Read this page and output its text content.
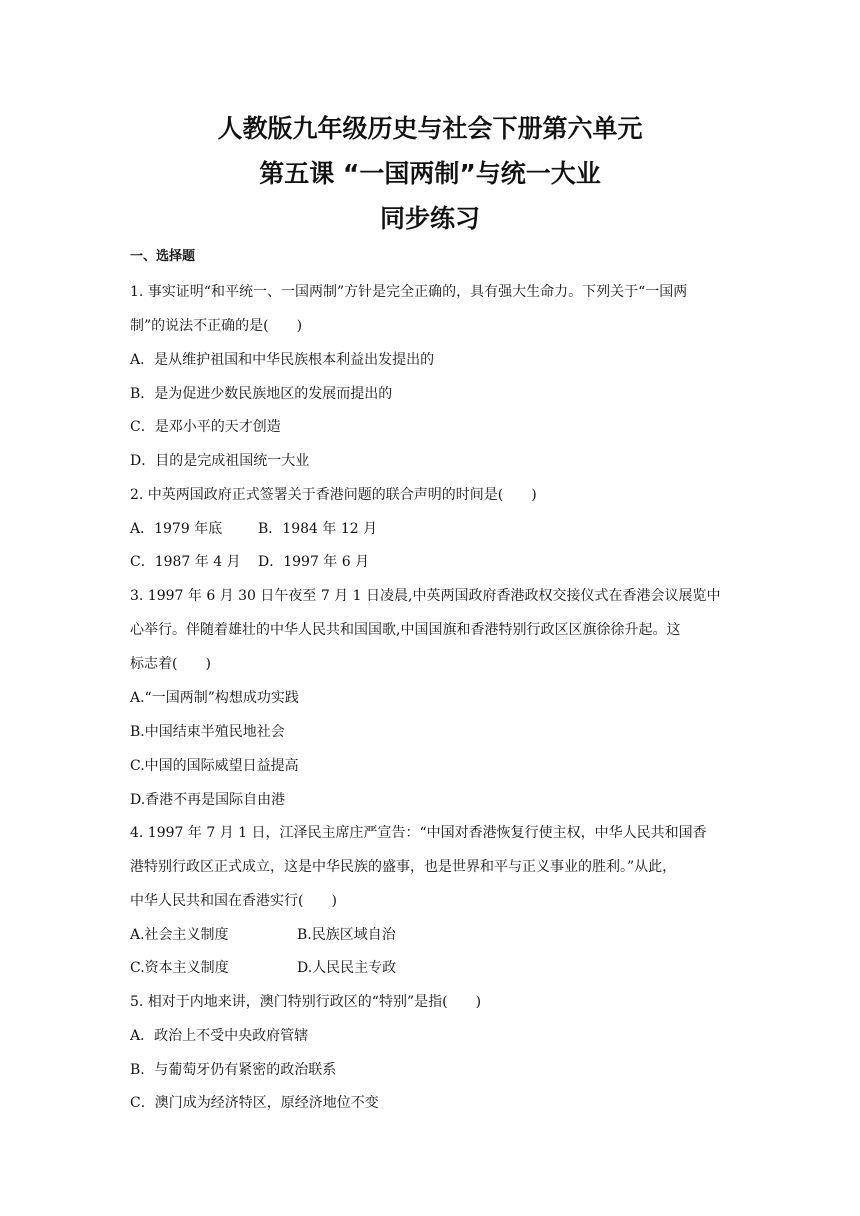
人教版九年级历史与社会下册第六单元
第五课 “一国两制”与统一大业
同步练习
一、选择题
1. 事实证明“和平统一、一国两制”方针是完全正确的，具有强大生命力。下列关于“一国两
制”的说法不正确的是(　　)
A．是从维护祖国和中华民族根本利益出发提出的
B．是为促进少数民族地区的发展而提出的
C．是邓小平的天才创造
D．目的是完成祖国统一大业
2. 中英两国政府正式签署关于香港问题的联合声明的时间是(　　)
A．1979 年底	B．1984 年 12 月
C．1987 年 4 月 D．1997 年 6 月
3. 1997 年 6 月 30 日午夜至 7 月 1 日凌晨,中英两国政府香港政权交接仪式在香港会议展览中
心举行。伴随着雄壮的中华人民共和国国歌,中国国旗和香港特别行政区区旗徐徐升起。这
标志着(　　)
A.“一国两制”构想成功实践
B.中国结束半殖民地社会
C.中国的国际威望日益提高
D.香港不再是国际自由港
4. 1997 年 7 月 1 日，江泽民主席庄严宣告：“中国对香港恢复行使主权，中华人民共和国香
港特别行政区正式成立，这是中华民族的盛事，也是世界和平与正义事业的胜利。”从此，
中华人民共和国在香港实行(　　)
A.社会主义制度	B.民族区域自治
C.资本主义制度	D.人民民主专政
5. 相对于内地来讲，澳门特别行政区的“特别”是指(　　)
A．政治上不受中央政府管辖
B．与葡萄牙仍有紧密的政治联系
C．澳门成为经济特区，原经济地位不变
